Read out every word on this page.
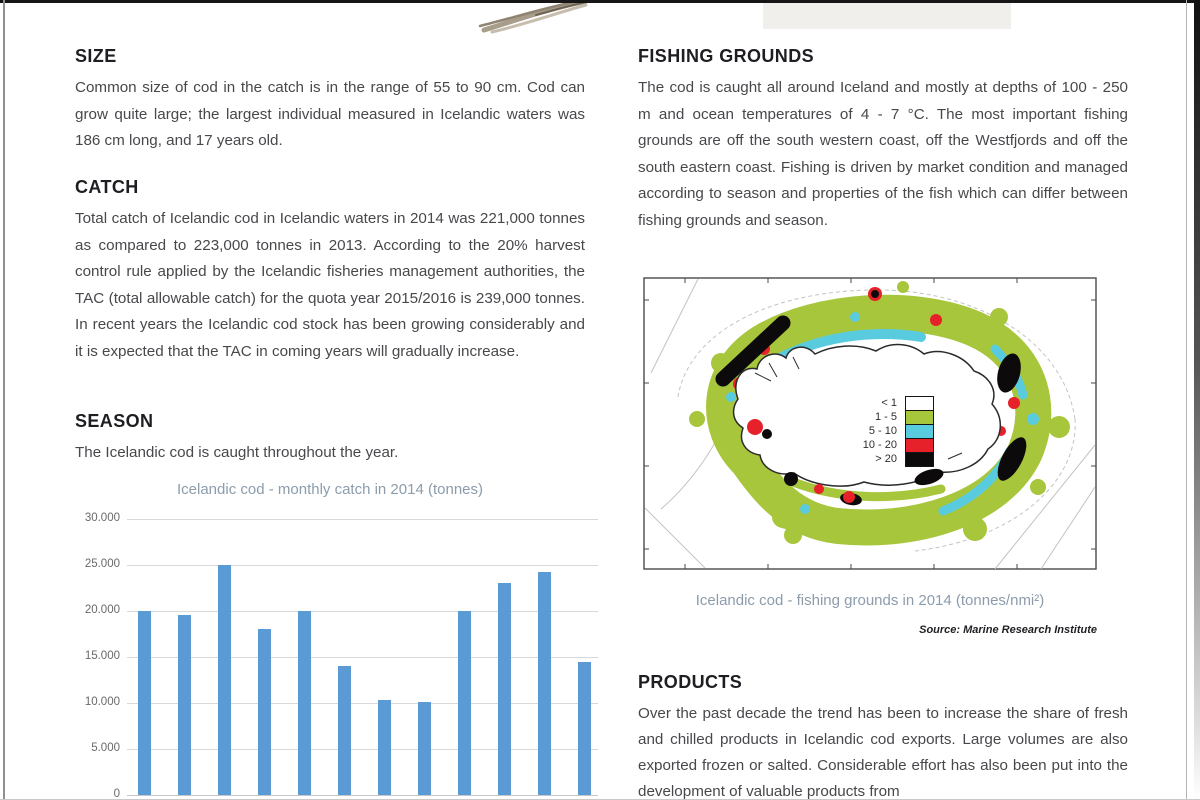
SIZE

Common size of cod in the catch is in the range of 55 to 90 cm. Cod can grow quite large; the largest individual measured in Icelandic waters was 186 cm long, and 17 years old.

CATCH

Total catch of Icelandic cod in Icelandic waters in 2014 was 221,000 tonnes as compared to 223,000 tonnes in 2013. According to the 20% harvest control rule applied by the Icelandic fisheries management authorities, the TAC (total allowable catch) for the quota year 2015/2016 is 239,000 tonnes. In recent years the Icelandic cod stock has been growing considerably and it is expected that the TAC in coming years will gradually increase.

SEASON

The Icelandic cod is caught throughout the year.

Icelandic cod - monthly catch in 2014 (tonnes)
0
5.000
10.000
15.000
20.000
25.000
30.000
FISHING GROUNDS

The cod is caught all around Iceland and mostly at depths of 100 - 250 m and ocean temperatures of 4 - 7 °C. The most important fishing grounds are off the south western coast, off the Westfjords and off the south eastern coast. Fishing is driven by market condition and managed according to season and properties of the fish which can differ between fishing grounds and season.

< 1
1 - 5
5 - 10
10 - 20
> 20
Icelandic cod - fishing grounds in 2014 (tonnes/nmi²)
Source: Marine Research Institute
PRODUCTS

Over the past decade the trend has been to increase the share of fresh and chilled products in Icelandic cod exports. Large volumes are also exported frozen or salted. Considerable effort has also been put into the development of valuable products from
